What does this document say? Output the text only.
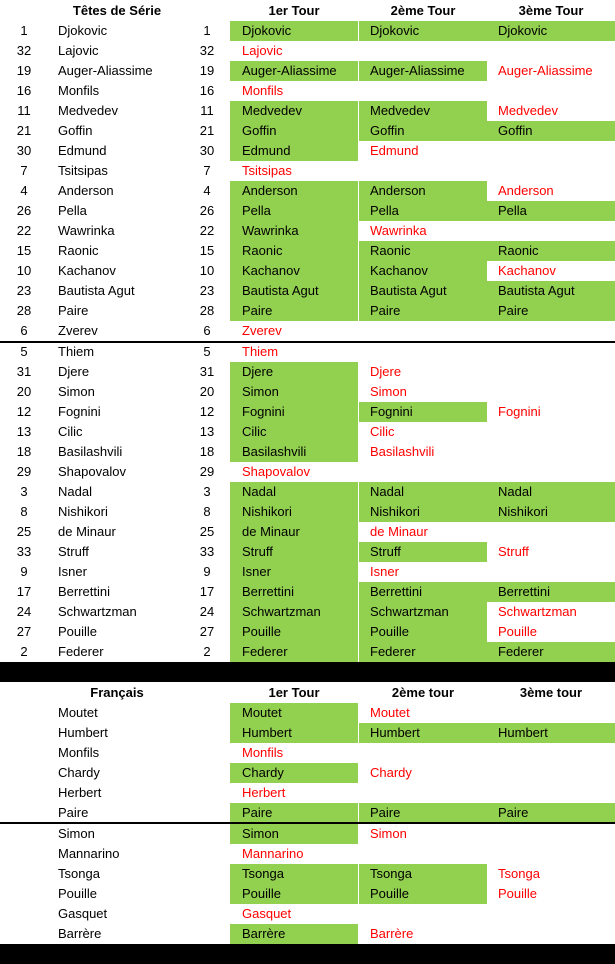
Têtes de Série	1er Tour	2ème Tour	3ème Tour
1	Djokovic	1	Djokovic	Djokovic	Djokovic
32	Lajovic	32	Lajovic
19	Auger-Aliassime	19	Auger-Aliassime	Auger-Aliassime	Auger-Aliassime
16	Monfils	16	Monfils
11	Medvedev	11	Medvedev	Medvedev	Medvedev
21	Goffin	21	Goffin	Goffin	Goffin
30	Edmund	30	Edmund	Edmund
7	Tsitsipas	7	Tsitsipas
4	Anderson	4	Anderson	Anderson	Anderson
26	Pella	26	Pella	Pella	Pella
22	Wawrinka	22	Wawrinka	Wawrinka
15	Raonic	15	Raonic	Raonic	Raonic
10	Kachanov	10	Kachanov	Kachanov	Kachanov
23	Bautista Agut	23	Bautista Agut	Bautista Agut	Bautista Agut
28	Paire	28	Paire	Paire	Paire
6	Zverev	6	Zverev
5	Thiem	5	Thiem
31	Djere	31	Djere	Djere
20	Simon	20	Simon	Simon
12	Fognini	12	Fognini	Fognini	Fognini
13	Cilic	13	Cilic	Cilic
18	Basilashvili	18	Basilashvili	Basilashvili
29	Shapovalov	29	Shapovalov
3	Nadal	3	Nadal	Nadal	Nadal
8	Nishikori	8	Nishikori	Nishikori	Nishikori
25	de Minaur	25	de Minaur	de Minaur
33	Struff	33	Struff	Struff	Struff
9	Isner	9	Isner	Isner
17	Berrettini	17	Berrettini	Berrettini	Berrettini
24	Schwartzman	24	Schwartzman	Schwartzman	Schwartzman
27	Pouille	27	Pouille	Pouille	Pouille
2	Federer	2	Federer	Federer	Federer
Français	1er Tour	2ème tour	3ème tour
Moutet	Moutet	Moutet
Humbert	Humbert	Humbert	Humbert
Monfils	Monfils
Chardy	Chardy	Chardy
Herbert	Herbert
Paire	Paire	Paire	Paire
Simon	Simon	Simon
Mannarino	Mannarino
Tsonga	Tsonga	Tsonga	Tsonga
Pouille	Pouille	Pouille	Pouille
Gasquet	Gasquet
Barrère	Barrère	Barrère
